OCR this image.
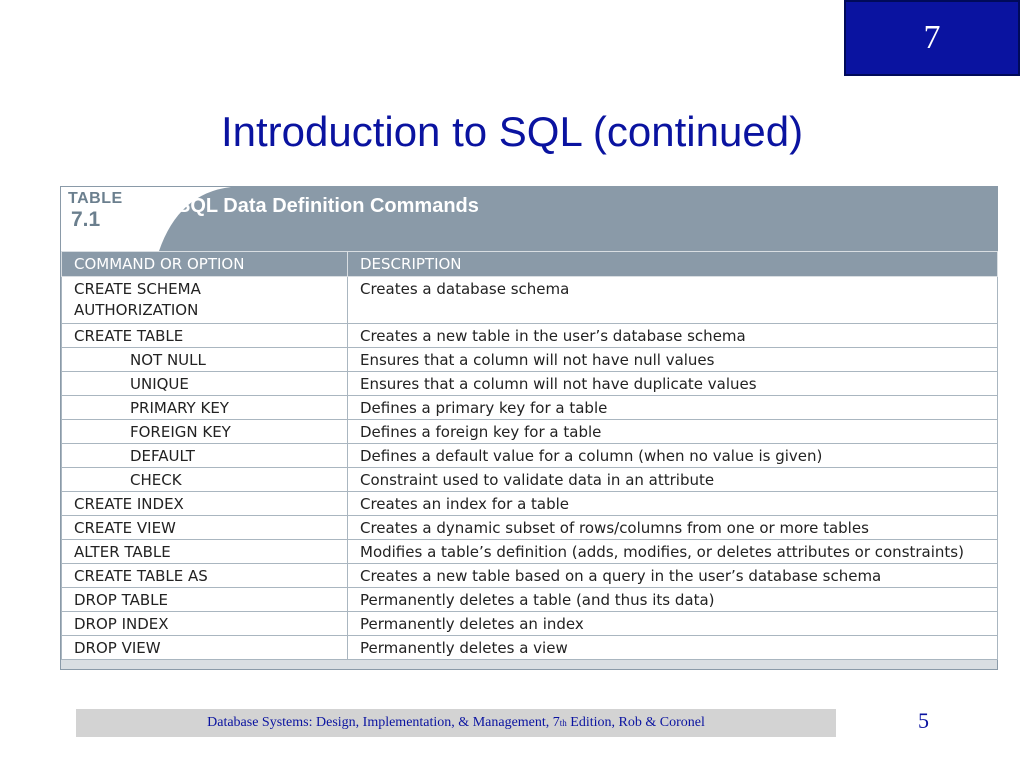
7
Introduction to SQL (continued)
TABLE
7.1
SQL Data Definition Commands
COMMAND OR OPTION	DESCRIPTION
CREATE SCHEMA
AUTHORIZATION	Creates a database schema
CREATE TABLE	Creates a new table in the user’s database schema
NOT NULL	Ensures that a column will not have null values
UNIQUE	Ensures that a column will not have duplicate values
PRIMARY KEY	Defines a primary key for a table
FOREIGN KEY	Defines a foreign key for a table
DEFAULT	Defines a default value for a column (when no value is given)
CHECK	Constraint used to validate data in an attribute
CREATE INDEX	Creates an index for a table
CREATE VIEW	Creates a dynamic subset of rows/columns from one or more tables
ALTER TABLE	Modifies a table’s definition (adds, modifies, or deletes attributes or constraints)
CREATE TABLE AS	Creates a new table based on a query in the user’s database schema
DROP TABLE	Permanently deletes a table (and thus its data)
DROP INDEX	Permanently deletes an index
DROP VIEW	Permanently deletes a view
Database Systems: Design, Implementation, & Management, 7 th Edition, Rob & Coronel	5
